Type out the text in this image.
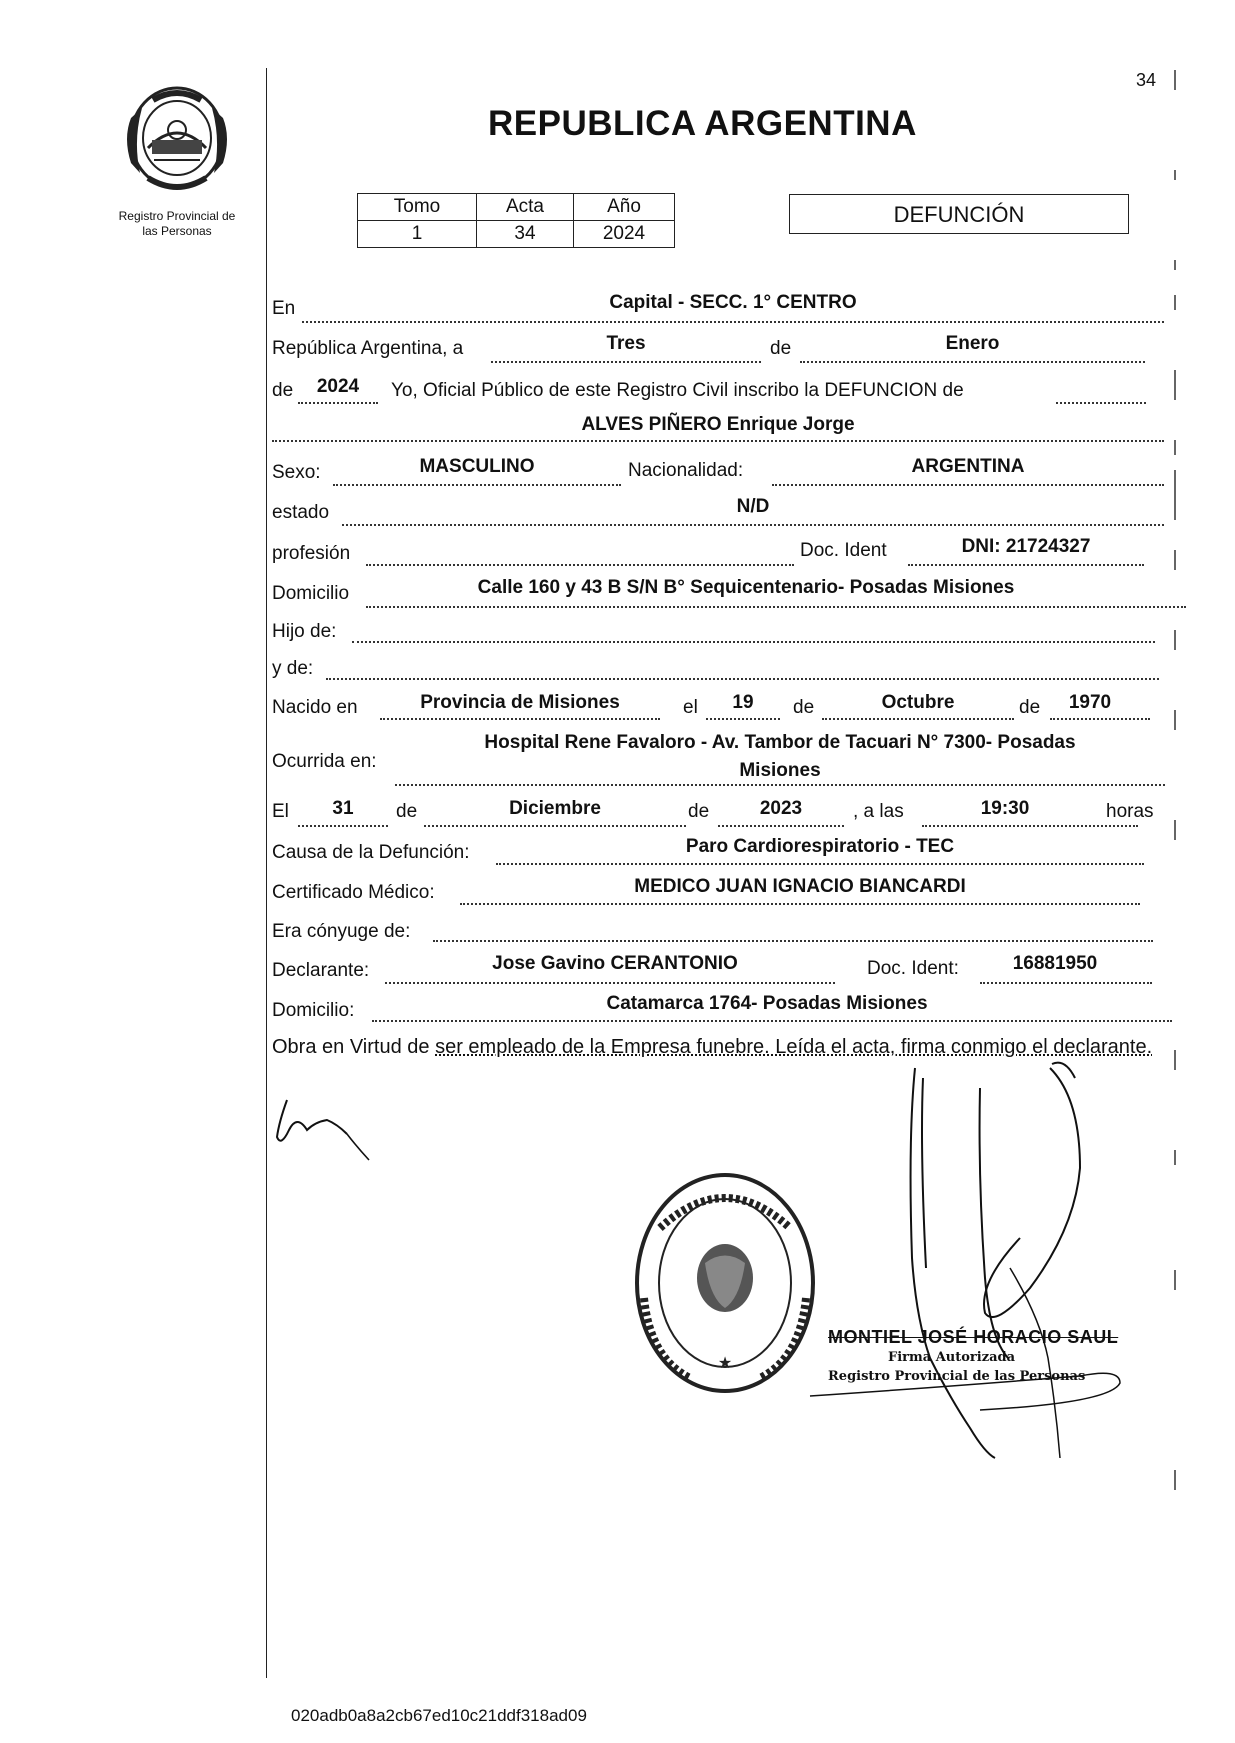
Registro Provincial de
las Personas
34
REPUBLICA ARGENTINA
Tomo	Acta	Año
1	34	2024
DEFUNCIÓN
En	Capital - SECC. 1° CENTRO
República Argentina, a	Tres	de	Enero
de	2024	Yo, Oficial Público de este Registro Civil inscribo la DEFUNCION de
ALVES PIÑERO Enrique Jorge
Sexo:	MASCULINO	Nacionalidad:	ARGENTINA
estado	N/D
profesión	Doc. Ident	DNI: 21724327
Domicilio	Calle 160 y 43 B S/N B° Sequicentenario- Posadas Misiones
Hijo de:
y de:
Nacido en	Provincia de Misiones	el	19	de	Octubre	de	1970
Ocurrida en:
Hospital Rene Favaloro - Av. Tambor de Tacuari N° 7300- Posadas
Misiones
El	31	de	Diciembre	de	2023	, a las	19:30	horas
Causa de la Defunción:	Paro Cardiorespiratorio - TEC
Certificado Médico:	MEDICO JUAN IGNACIO BIANCARDI
Era cónyuge de:
Declarante:	Jose Gavino CERANTONIO	Doc. Ident:	16881950
Domicilio:	Catamarca 1764- Posadas Misiones
Obra en Virtud de ser empleado de la Empresa funebre. Leída el acta, firma conmigo el declarante.
★
MONTIEL JOSÉ HORACIO SAUL
Firma Autorizada
Registro Provincial de las Personas
020adb0a8a2cb67ed10c21ddf318ad09
